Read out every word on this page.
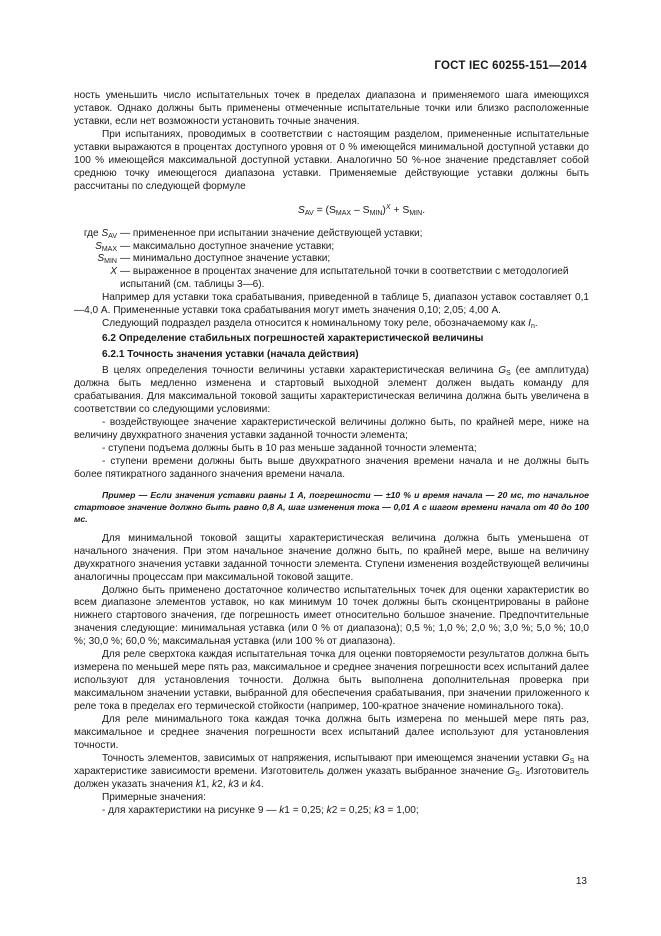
ГОСТ IEC 60255-151—2014

ность уменьшить число испытательных точек в пределах диапазона и применяемого шага имеющихся уставок. Однако должны быть применены отмеченные испытательные точки или близко расположенные уставки, если нет возможности установить точные значения.

При испытаниях, проводимых в соответствии с настоящим разделом, примененные испытательные уставки выражаются в процентах доступного уровня от 0 % имеющейся минимальной доступной уставки до 100 % имеющейся максимальной доступной уставки. Аналогично 50 %-ное значение представляет собой среднюю точку имеющегося диапазона уставки. Применяемые действующие уставки должны быть рассчитаны по следующей формуле

$S_{AV} = (S_{MAX} - S_{MIN})^X + S_{MIN}$.
где $S_{AV}$ — примененное при испытании значение действующей уставки;
$S_{MAX}$ — максимально доступное значение уставки;
$S_{MIN}$ — минимально доступное значение уставки;
X — выраженное в процентах значение для испытательной точки в соответствии с методологией испытаний (см. таблицы 3—6).

Например для уставки тока срабатывания, приведенной в таблице 5, диапазон уставок составляет 0,1—4,0 А. Примененные уставки тока срабатывания могут иметь значения 0,10; 2,05; 4,00 А.

Следующий подраздел раздела относится к номинальному току реле, обозначаемому как $I_n$.

6.2 Определение стабильных погрешностей характеристической величины

6.2.1 Точность значения уставки (начала действия)

В целях определения точности величины уставки характеристическая величина $G_S$ (ее амплитуда) должна быть медленно изменена и стартовый выходной элемент должен выдать команду для срабатывания. Для максимальной токовой защиты характеристическая величина должна быть увеличена в соответствии со следующими условиями:

- воздействующее значение характеристической величины должно быть, по крайней мере, ниже на величину двухкратного значения уставки заданной точности элемента;

- ступени подъема должны быть в 10 раз меньше заданной точности элемента;

- ступени времени должны быть выше двухкратного значения времени начала и не должны быть более пятикратного заданного значения времени начала.

Пример — Если значения уставки равны 1 А, погрешности — ±10 % и время начала — 20 мс, то начальное стартовое значение должно быть равно 0,8 А, шаг изменения тока — 0,01 А с шагом времени начала от 40 до 100 мс.

Для минимальной токовой защиты характеристическая величина должна быть уменьшена от начального значения. При этом начальное значение должно быть, по крайней мере, выше на величину двухкратного значения уставки заданной точности элемента. Ступени изменения воздействующей величины аналогичны процессам при максимальной токовой защите.

Должно быть применено достаточное количество испытательных точек для оценки характеристик во всем диапазоне элементов уставок, но как минимум 10 точек должны быть сконцентрированы в районе нижнего стартового значения, где погрешность имеет относительно большое значение. Предпочтительные значения следующие: минимальная уставка (или 0 % от диапазона); 0,5 %; 1,0 %; 2,0 %; 3,0 %; 5,0 %; 10,0 %; 30,0 %; 60,0 %; максимальная уставка (или 100 % от диапазона).

Для реле сверхтока каждая испытательная точка для оценки повторяемости результатов должна быть измерена по меньшей мере пять раз, максимальное и среднее значения погрешности всех испытаний далее используют для установления точности. Должна быть выполнена дополнительная проверка при максимальном значении уставки, выбранной для обеспечения срабатывания, при значении приложенного к реле тока в пределах его термической стойкости (например, 100-кратное значение номинального тока).

Для реле минимального тока каждая точка должна быть измерена по меньшей мере пять раз, максимальное и среднее значения погрешности всех испытаний далее используют для установления точности.

Точность элементов, зависимых от напряжения, испытывают при имеющемся значении уставки $G_S$ на характеристике зависимости времени. Изготовитель должен указать выбранное значение $G_S$. Изготовитель должен указать значения k1, k2, k3 и k4.

Примерные значения:

- для характеристики на рисунке 9 — k1 = 0,25; k2 = 0,25; k3 = 1,00;

13
